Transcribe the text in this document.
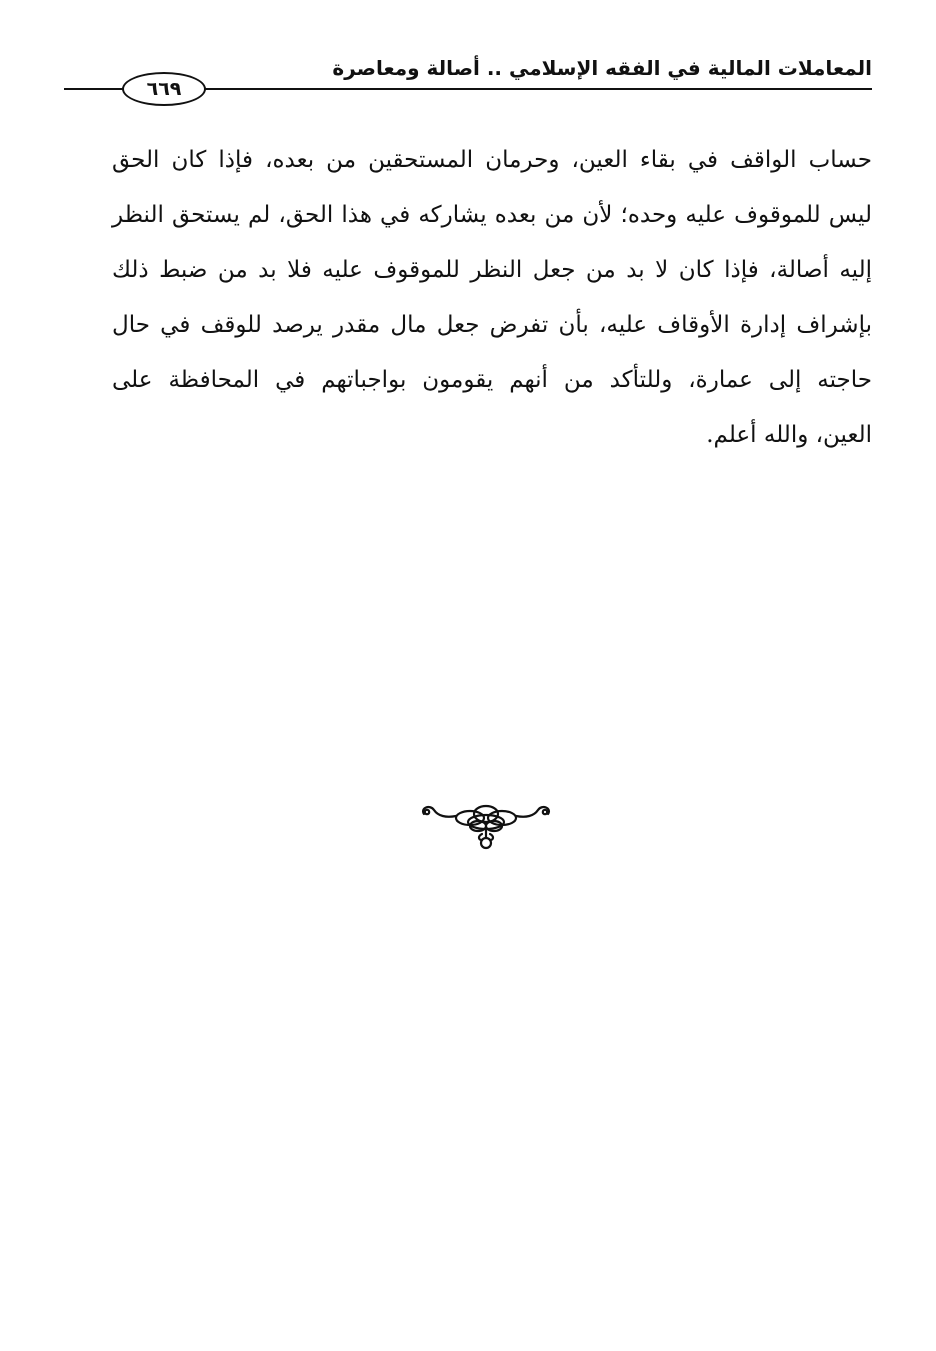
المعاملات المالية في الفقه الإسلامي .. أصالة ومعاصرة
٦٦٩
حساب الواقف في بقاء العين، وحرمان المستحقين من بعده، فإذا كان الحق
ليس للموقوف عليه وحده؛ لأن من بعده يشاركه في هذا الحق، لم يستحق النظر
إليه أصالة، فإذا كان لا بد من جعل النظر للموقوف عليه فلا بد من ضبط ذلك
بإشراف إدارة الأوقاف عليه، بأن تفرض جعل مال مقدر يرصد للوقف في حال
حاجته إلى عمارة، وللتأكد من أنهم يقومون بواجباتهم في المحافظة على
العين، والله أعلم.
